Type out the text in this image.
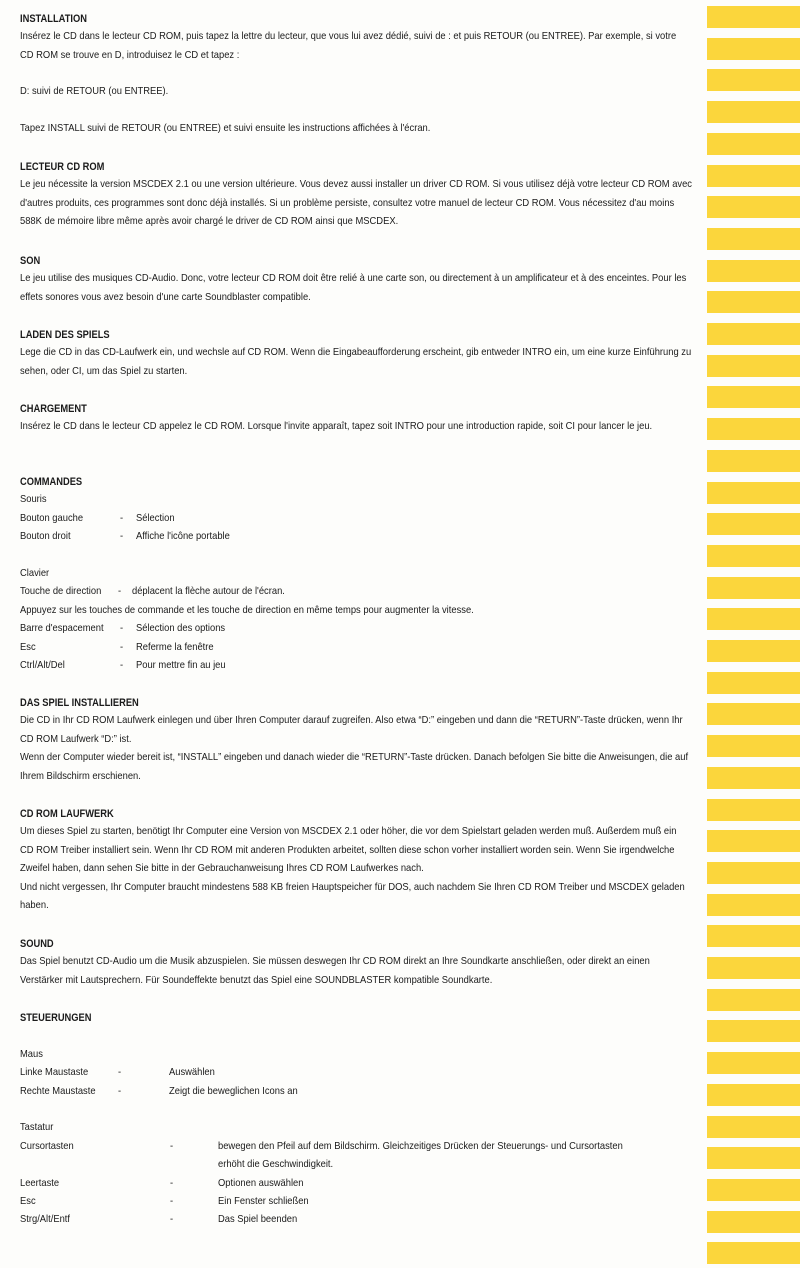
INSTALLATION
Insérez le CD dans le lecteur CD ROM, puis tapez la lettre du lecteur, que vous lui avez dédié, suivi de : et puis RETOUR (ou ENTREE). Par exemple, si votre CD ROM se trouve en D, introduisez le CD et tapez :
D: suivi de RETOUR (ou ENTREE).
Tapez INSTALL suivi de RETOUR (ou ENTREE) et suivi ensuite les instructions affichées à l'écran.
LECTEUR CD ROM
Le jeu nécessite la version MSCDEX 2.1 ou une version ultérieure. Vous devez aussi installer un driver CD ROM. Si vous utilisez déjà votre lecteur CD ROM avec d'autres produits, ces programmes sont donc déjà installés. Si un problème persiste, consultez votre manuel de lecteur CD ROM. Vous nécessitez d'au moins 588K de mémoire libre même après avoir chargé le driver de CD ROM ainsi que MSCDEX.
SON
Le jeu utilise des musiques CD-Audio. Donc, votre lecteur CD ROM doit être relié à une carte son, ou directement à un amplificateur et à des enceintes. Pour les effets sonores vous avez besoin d'une carte Soundblaster compatible.
LADEN DES SPIELS
Lege die CD in das CD-Laufwerk ein, und wechsle auf CD ROM. Wenn die Eingabeaufforderung erscheint, gib entweder INTRO ein, um eine kurze Einführung zu sehen, oder CI, um das Spiel zu starten.
CHARGEMENT
Insérez le CD dans le lecteur CD appelez le CD ROM. Lorsque l'invite apparaît, tapez soit INTRO pour une introduction rapide, soit CI pour lancer le jeu.
COMMANDES
Souris
Bouton gauche	- Sélection
Bouton droit	- Affiche l'icône portable
Clavier
Touche de direction - déplacent la flèche autour de l'écran.
Appuyez sur les touches de commande et les touche de direction en même temps pour augmenter la vitesse.
Barre d'espacement - Sélection des options
Esc	- Referme la fenêtre
Ctrl/Alt/Del	- Pour mettre fin au jeu
DAS SPIEL INSTALLIEREN
Die CD in Ihr CD ROM Laufwerk einlegen und über Ihren Computer darauf zugreifen. Also etwa “D:” eingeben und dann die “RETURN”-Taste drücken, wenn Ihr CD ROM Laufwerk “D:” ist.
Wenn der Computer wieder bereit ist, “INSTALL” eingeben und danach wieder die “RETURN”-Taste drücken. Danach befolgen Sie bitte die Anweisungen, die auf Ihrem Bildschirm erschienen.
CD ROM LAUFWERK
Um dieses Spiel zu starten, benötigt Ihr Computer eine Version von MSCDEX 2.1 oder höher, die vor dem Spielstart geladen werden muß. Außerdem muß ein CD ROM Treiber installiert sein. Wenn Ihr CD ROM mit anderen Produkten arbeitet, sollten diese schon vorher installiert worden sein. Wenn Sie irgendwelche Zweifel haben, dann sehen Sie bitte in der Gebrauchanweisung Ihres CD ROM Laufwerkes nach.
Und nicht vergessen, Ihr Computer braucht mindestens 588 KB freien Hauptspeicher für DOS, auch nachdem Sie Ihren CD ROM Treiber und MSCDEX geladen haben.
SOUND
Das Spiel benutzt CD-Audio um die Musik abzuspielen. Sie müssen deswegen Ihr CD ROM direkt an Ihre Soundkarte anschließen, oder direkt an einen Verstärker mit Lautsprechern. Für Soundeffekte benutzt das Spiel eine SOUNDBLASTER kompatible Soundkarte.
STEUERUNGEN
Maus
Linke Maustaste	-	Auswählen
Rechte Maustaste -	Zeigt die beweglichen Icons an
Tastatur
Cursortasten	-	bewegen den Pfeil auf dem Bildschirm. Gleichzeitiges Drücken der Steuerungs- und Cursortasten
erhöht die Geschwindigkeit.
Leertaste	-	Optionen auswählen
Esc	-	Ein Fenster schließen
Strg/Alt/Entf	-	Das Spiel beenden
